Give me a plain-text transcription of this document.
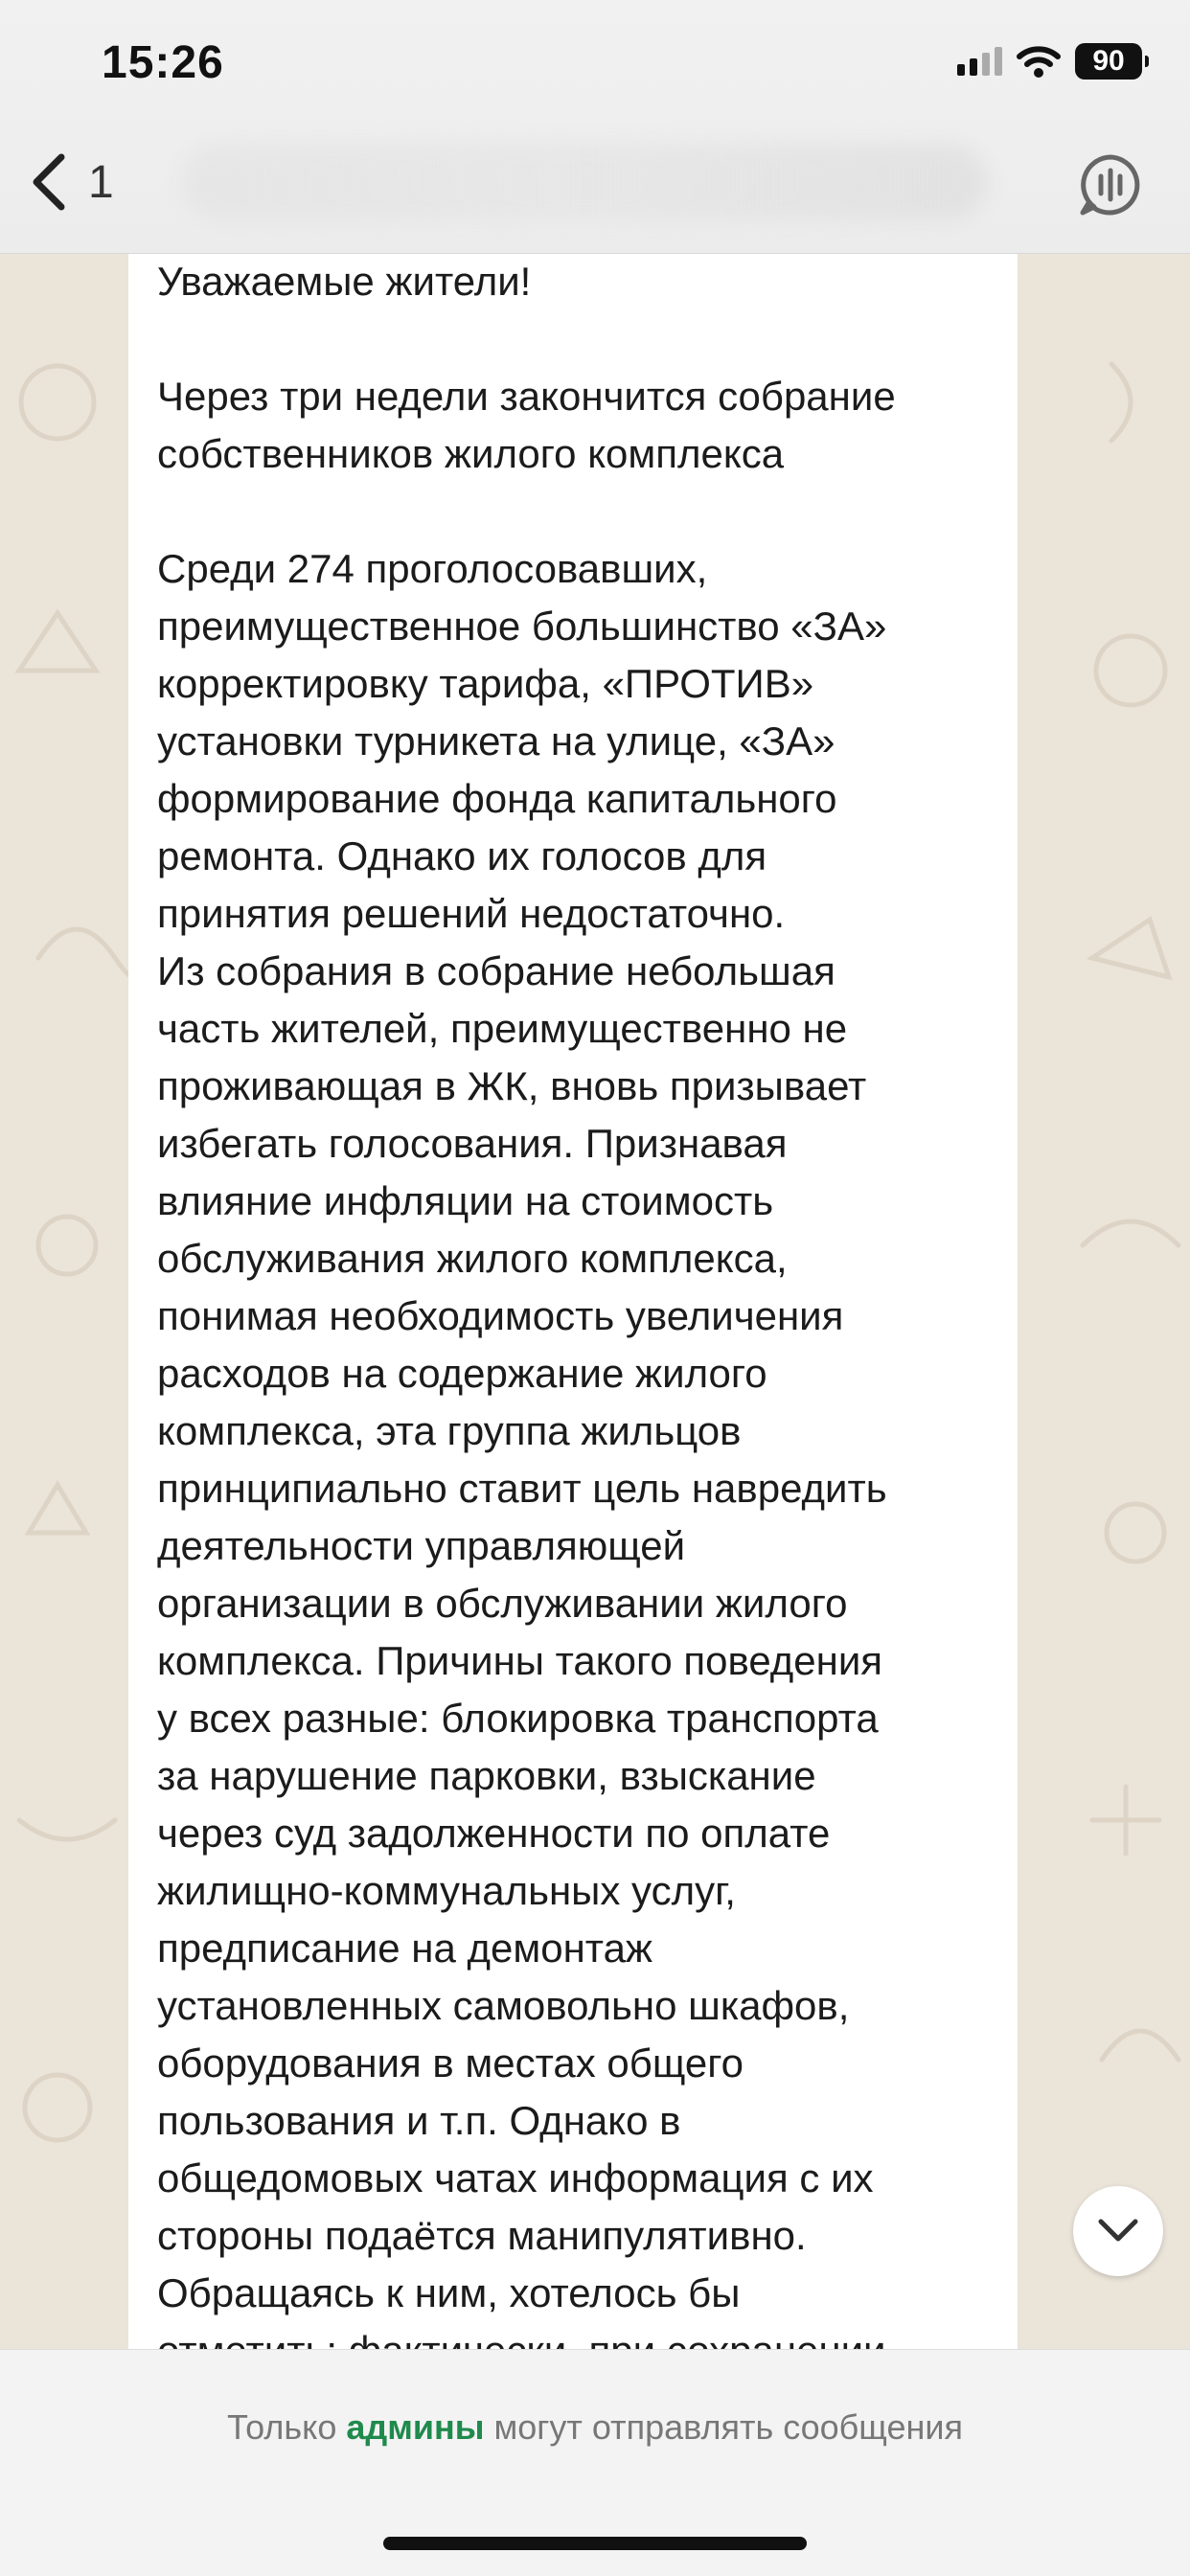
15:26	90
1

Уважаемые жители!

Через три недели закончится собрание
собственников жилого комплекса

Среди 274 проголосовавших,
преимущественное большинство «ЗА»
корректировку тарифа, «ПРОТИВ»
установки турникета на улице, «ЗА»
формирование фонда капитального
ремонта. Однако их голосов для
принятия решений недостаточно.
Из собрания в собрание небольшая
часть жителей, преимущественно не
проживающая в ЖК, вновь призывает
избегать голосования. Признавая
влияние инфляции на стоимость
обслуживания жилого комплекса,
понимая необходимость увеличения
расходов на содержание жилого
комплекса, эта группа жильцов
принципиально ставит цель навредить
деятельности управляющей
организации в обслуживании жилого
комплекса. Причины такого поведения
у всех разные: блокировка транспорта
за нарушение парковки, взыскание
через суд задолженности по оплате
жилищно-коммунальных услуг,
предписание на демонтаж
установленных самовольно шкафов,
оборудования в местах общего
пользования и т.п. Однако в
общедомовых чатах информация с их
стороны подаётся манипулятивно.
Обращаясь к ним, хотелось бы

Только админы могут отправлять сообщения
